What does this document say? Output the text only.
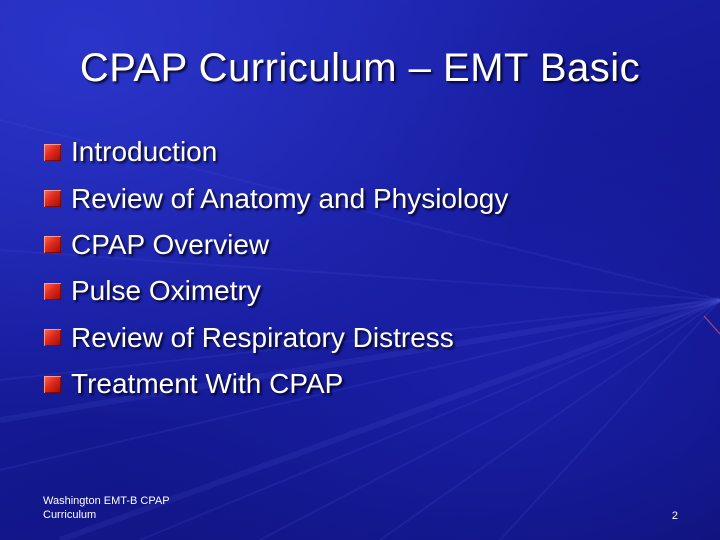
CPAP Curriculum – EMT Basic
Introduction
Review of Anatomy and Physiology
CPAP Overview
Pulse Oximetry
Review of Respiratory Distress
Treatment With CPAP
Washington EMT-B CPAP
Curriculum	2
